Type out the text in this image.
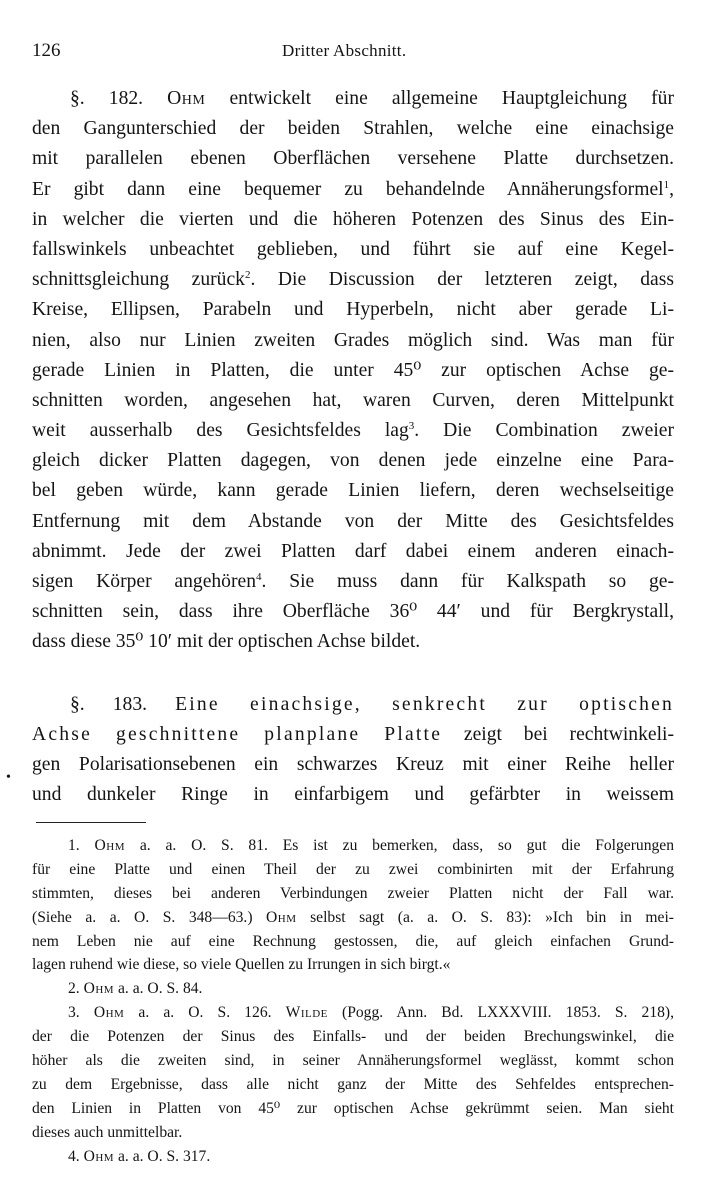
126	Dritter Abschnitt.
§. 182. Ohm entwickelt eine allgemeine Hauptgleichung für
den Gangunterschied der beiden Strahlen, welche eine einachsige
mit parallelen ebenen Oberflächen versehene Platte durchsetzen.
Er gibt dann eine bequemer zu behandelnde Annäherungsformel$^1$,
in welcher die vierten und die höheren Potenzen des Sinus des Ein-
fallswinkels unbeachtet geblieben, und führt sie auf eine Kegel-
schnittsgleichung zurück$^2$. Die Discussion der letzteren zeigt, dass
Kreise, Ellipsen, Parabeln und Hyperbeln, nicht aber gerade Li-
nien, also nur Linien zweiten Grades möglich sind. Was man für
gerade Linien in Platten, die unter 45⁰ zur optischen Achse ge-
schnitten worden, angesehen hat, waren Curven, deren Mittelpunkt
weit ausserhalb des Gesichtsfeldes lag$^3$. Die Combination zweier
gleich dicker Platten dagegen, von denen jede einzelne eine Para-
bel geben würde, kann gerade Linien liefern, deren wechselseitige
Entfernung mit dem Abstande von der Mitte des Gesichtsfeldes
abnimmt. Jede der zwei Platten darf dabei einem anderen einach-
sigen Körper angehören$^4$. Sie muss dann für Kalkspath so ge-
schnitten sein, dass ihre Oberfläche 36⁰ 44′ und für Bergkrystall,
dass diese 35⁰ 10′ mit der optischen Achse bildet.
§. 183. Eine einachsige, senkrecht zur optischen
Achse geschnittene planplane Platte zeigt bei rechtwinkeli-
gen Polarisationsebenen ein schwarzes Kreuz mit einer Reihe heller
und dunkeler Ringe in einfarbigem und gefärbter in weissem
•
1. Ohm a. a. O. S. 81. Es ist zu bemerken, dass, so gut die Folgerungen
für eine Platte und einen Theil der zu zwei combinirten mit der Erfahrung
stimmten, dieses bei anderen Verbindungen zweier Platten nicht der Fall war.
(Siehe a. a. O. S. 348—63.) Ohm selbst sagt (a. a. O. S. 83): »Ich bin in mei-
nem Leben nie auf eine Rechnung gestossen, die, auf gleich einfachen Grund-
lagen ruhend wie diese, so viele Quellen zu Irrungen in sich birgt.«
2. Ohm a. a. O. S. 84.
3. Ohm a. a. O. S. 126. Wilde (Pogg. Ann. Bd. LXXXVIII. 1853. S. 218),
der die Potenzen der Sinus des Einfalls- und der beiden Brechungswinkel, die
höher als die zweiten sind, in seiner Annäherungsformel weglässt, kommt schon
zu dem Ergebnisse, dass alle nicht ganz der Mitte des Sehfeldes entsprechen-
den Linien in Platten von 45⁰ zur optischen Achse gekrümmt seien. Man sieht
dieses auch unmittelbar.
4. Ohm a. a. O. S. 317.
